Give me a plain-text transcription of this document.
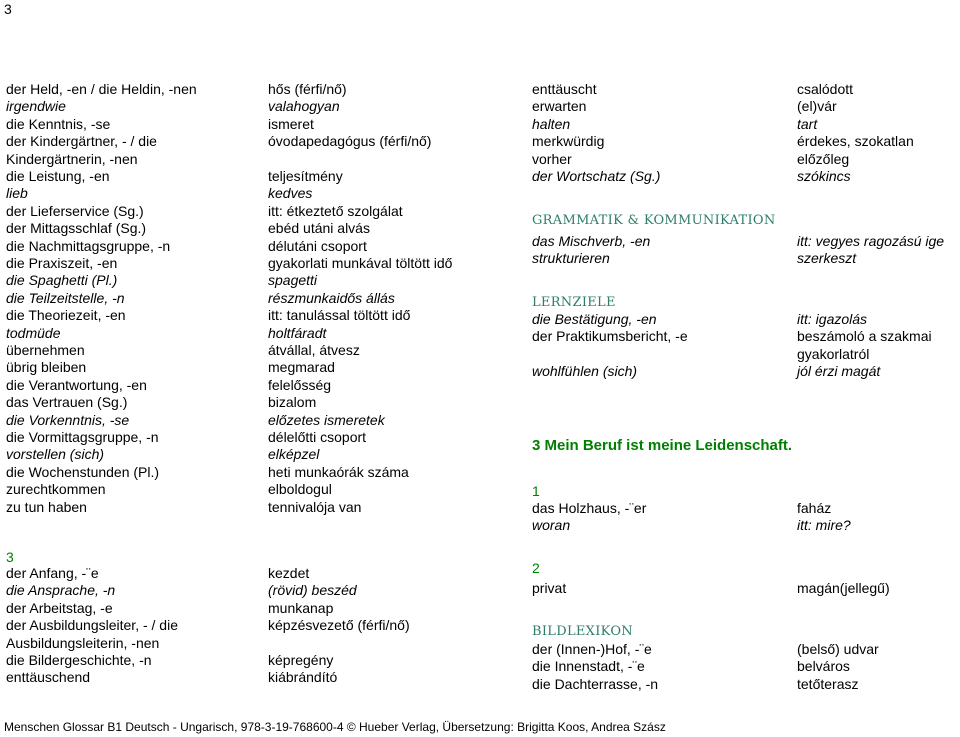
3
der Held, -en / die Heldin, -nen	hős (férfi/nő)
irgendwie	valahogyan
die Kenntnis, -se	ismeret
der Kindergärtner, - / die	óvodapedagógus (férfi/nő)
Kindergärtnerin, -nen
die Leistung, -en	teljesítmény
lieb	kedves
der Lieferservice (Sg.)	itt: étkeztető szolgálat
der Mittagsschlaf (Sg.)	ebéd utáni alvás
die Nachmittagsgruppe, -n	délutáni csoport
die Praxiszeit, -en	gyakorlati munkával töltött idő
die Spaghetti (Pl.)	spagetti
die Teilzeitstelle, -n	részmunkaidős állás
die Theoriezeit, -en	itt: tanulással töltött idő
todmüde	holtfáradt
übernehmen	átvállal, átvesz
übrig bleiben	megmarad
die Verantwortung, -en	felelősség
das Vertrauen (Sg.)	bizalom
die Vorkenntnis, -se	előzetes ismeretek
die Vormittagsgruppe, -n	délelőtti csoport
vorstellen (sich)	elképzel
die Wochenstunden (Pl.)	heti munkaórák száma
zurechtkommen	elboldogul
zu tun haben	tennivalója van
3
der Anfang, -¨e	kezdet
die Ansprache, -n	(rövid) beszéd
der Arbeitstag, -e	munkanap
der Ausbildungsleiter, - / die	képzésvezető (férfi/nő)
Ausbildungsleiterin, -nen
die Bildergeschichte, -n	képregény
enttäuschend	kiábrándító
enttäuscht	csalódott
erwarten	(el)vár
halten	tart
merkwürdig	érdekes, szokatlan
vorher	előzőleg
der Wortschatz (Sg.)	szókincs
GRAMMATIK & KOMMUNIKATION
das Mischverb, -en	itt: vegyes ragozású ige
strukturieren	szerkeszt
LERNZIELE
die Bestätigung, -en	itt: igazolás
der Praktikumsbericht, -e	beszámoló a szakmai
gyakorlatról
wohlfühlen (sich)	jól érzi magát
3 Mein Beruf ist meine Leidenschaft.
1
das Holzhaus, -¨er	faház
woran	itt: mire?
2
privat	magán(jellegű)
BILDLEXIKON
der (Innen-)Hof, -¨e	(belső) udvar
die Innenstadt, -¨e	belváros
die Dachterrasse, -n	tetőterasz
Menschen Glossar B1 Deutsch - Ungarisch, 978-3-19-768600-4 © Hueber Verlag, Übersetzung: Brigitta Koos, Andrea Szász
